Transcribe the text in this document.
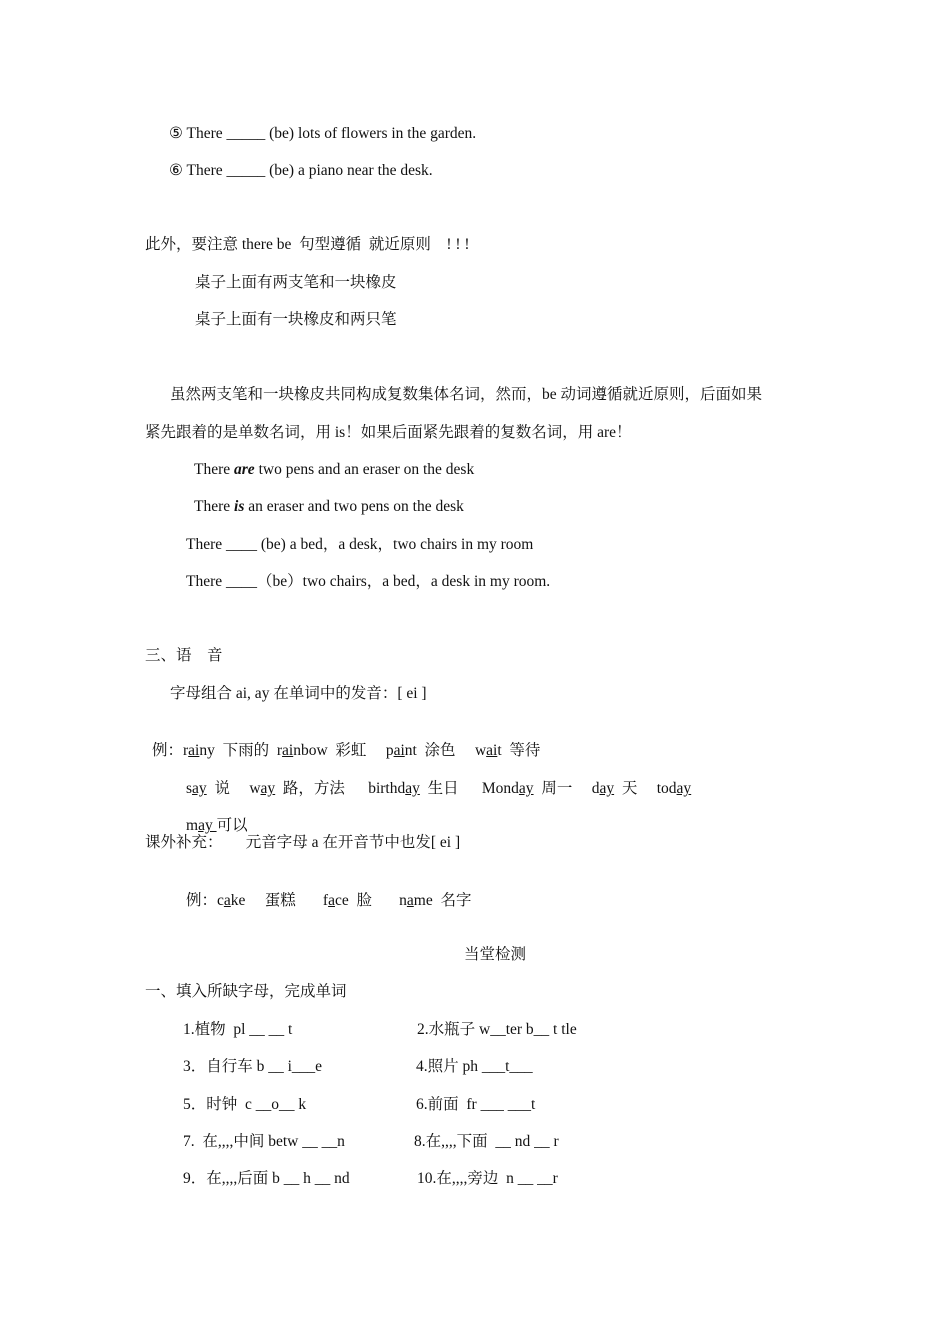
⑤ There _____ (be) lots of flowers in the garden.
⑥ There _____ (be) a piano near the desk.
此外，要注意 there be  句型遵循  就近原则    ! ! !
桌子上面有两支笔和一块橡皮
桌子上面有一块橡皮和两只笔
虽然两支笔和一块橡皮共同构成复数集体名词，然而，be 动词遵循就近原则，后面如果
紧先跟着的是单数名词，用 is！如果后面紧先跟着的复数名词，用 are！
There are two pens and an eraser on the desk
There is an eraser and two pens on the desk
There ____ (be) a bed，a desk，two chairs in my room
There ____（be）two chairs，a bed，a desk in my room.
三、语    音
字母组合 ai, ay 在单词中的发音：[ ei ]

例：rainy  下雨的  rainbow  彩虹     paint  涂色     wait  等待

say  说     way  路，方法      birthday  生日      Monday  周一     day  天     today

may 可以

课外补充：      元音字母 a 在开音节中也发[ ei ]

例：cake     蛋糕       face  脸       name  名字

当堂检测
一、填入所缺字母，完成单词
1.植物  pl __ __ t	2.水瓶子 w__ter b__ t tle
3．自行车 b __ i___e	4.照片 ph ___t___
5．时钟  c __o__ k	6.前面  fr ___ ___t
7.  在,,,,中间 betw __ __n	8.在,,,,下面  __ nd __ r
9．在,,,,后面 b __ h __ nd	10.在,,,,旁边  n __ __r
